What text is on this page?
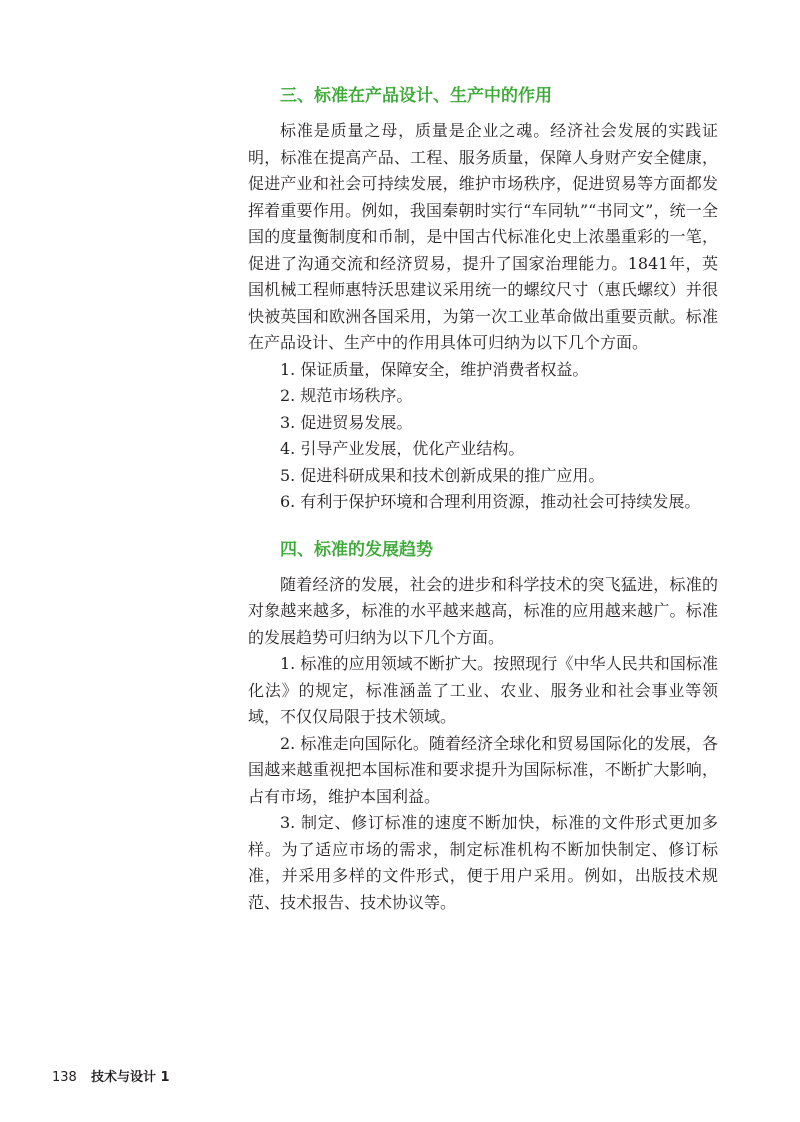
三、标准在产品设计、生产中的作用

标准是质量之母，质量是企业之魂。经济社会发展的实践证明，标准在提高产品、工程、服务质量，保障人身财产安全健康，促进产业和社会可持续发展，维护市场秩序，促进贸易等方面都发挥着重要作用。例如，我国秦朝时实行“车同轨”“书同文”，统一全国的度量衡制度和币制，是中国古代标准化史上浓墨重彩的一笔，促进了沟通交流和经济贸易，提升了国家治理能力。1841年，英国机械工程师惠特沃思建议采用统一的螺纹尺寸（惠氏螺纹）并很快被英国和欧洲各国采用，为第一次工业革命做出重要贡献。标准在产品设计、生产中的作用具体可归纳为以下几个方面。

1. 保证质量，保障安全，维护消费者权益。

2. 规范市场秩序。

3. 促进贸易发展。

4. 引导产业发展，优化产业结构。

5. 促进科研成果和技术创新成果的推广应用。

6. 有利于保护环境和合理利用资源，推动社会可持续发展。

四、标准的发展趋势

随着经济的发展，社会的进步和科学技术的突飞猛进，标准的对象越来越多，标准的水平越来越高，标准的应用越来越广。标准的发展趋势可归纳为以下几个方面。

1. 标准的应用领域不断扩大。按照现行《中华人民共和国标准化法》的规定，标准涵盖了工业、农业、服务业和社会事业等领域，不仅仅局限于技术领域。

2. 标准走向国际化。随着经济全球化和贸易国际化的发展，各国越来越重视把本国标准和要求提升为国际标准，不断扩大影响，占有市场，维护本国利益。

3. 制定、修订标准的速度不断加快，标准的文件形式更加多样。为了适应市场的需求，制定标准机构不断加快制定、修订标准，并采用多样的文件形式，便于用户采用。例如，出版技术规范、技术报告、技术协议等。

138 技术与设计 1
